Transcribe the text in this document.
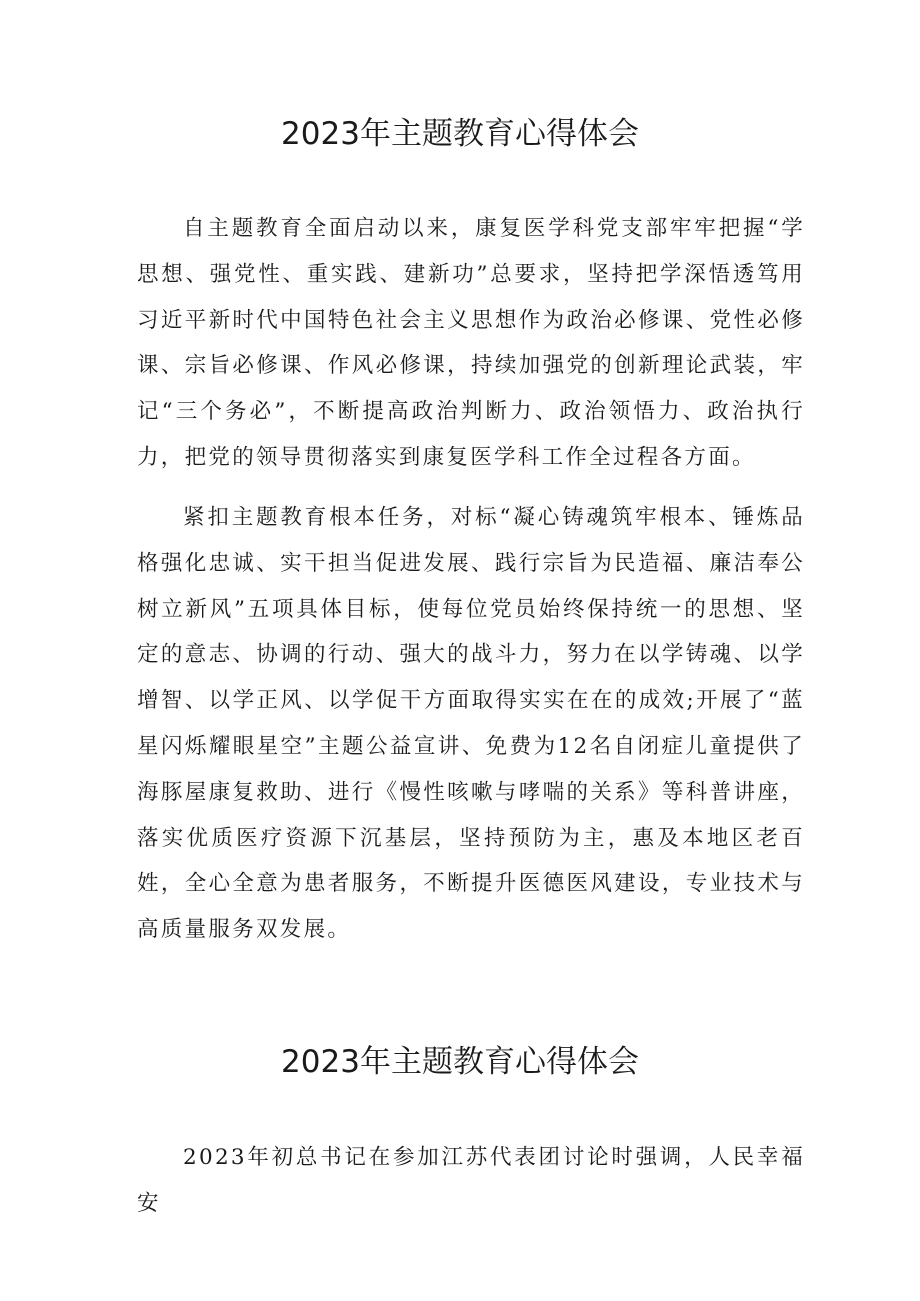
2023年主题教育心得体会

自主题教育全面启动以来，康复医学科党支部牢牢把握“学思想、强党性、重实践、建新功”总要求，坚持把学深悟透笃用习近平新时代中国特色社会主义思想作为政治必修课、党性必修课、宗旨必修课、作风必修课，持续加强党的创新理论武装，牢记“三个务必”，不断提高政治判断力、政治领悟力、政治执行力，把党的领导贯彻落实到康复医学科工作全过程各方面。

紧扣主题教育根本任务，对标“凝心铸魂筑牢根本、锤炼品格强化忠诚、实干担当促进发展、践行宗旨为民造福、廉洁奉公树立新风”五项具体目标，使每位党员始终保持统一的思想、坚定的意志、协调的行动、强大的战斗力，努力在以学铸魂、以学增智、以学正风、以学促干方面取得实实在在的成效;开展了“蓝星闪烁耀眼星空”主题公益宣讲、免费为12名自闭症儿童提供了海豚屋康复救助、进行《慢性咳嗽与哮喘的关系》等科普讲座，落实优质医疗资源下沉基层，坚持预防为主，惠及本地区老百姓，全心全意为患者服务，不断提升医德医风建设，专业技术与高质量服务双发展。

2023年主题教育心得体会

2023年初总书记在参加江苏代表团讨论时强调，人民幸福安
